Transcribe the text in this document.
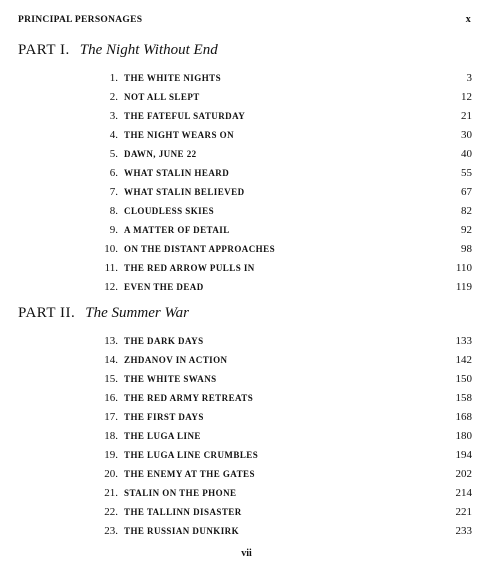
PRINCIPAL PERSONAGES	x
PART I. The Night Without End
1. THE WHITE NIGHTS	3
2. NOT ALL SLEPT	12
3. THE FATEFUL SATURDAY	21
4. THE NIGHT WEARS ON	30
5. DAWN, JUNE 22	40
6. WHAT STALIN HEARD	55
7. WHAT STALIN BELIEVED	67
8. CLOUDLESS SKIES	82
9. A MATTER OF DETAIL	92
10. ON THE DISTANT APPROACHES	98
11. THE RED ARROW PULLS IN	110
12. EVEN THE DEAD	119
PART II. The Summer War
13. THE DARK DAYS	133
14. ZHDANOV IN ACTION	142
15. THE WHITE SWANS	150
16. THE RED ARMY RETREATS	158
17. THE FIRST DAYS	168
18. THE LUGA LINE	180
19. THE LUGA LINE CRUMBLES	194
20. THE ENEMY AT THE GATES	202
21. STALIN ON THE PHONE	214
22. THE TALLINN DISASTER	221
23. THE RUSSIAN DUNKIRK	233
vii
